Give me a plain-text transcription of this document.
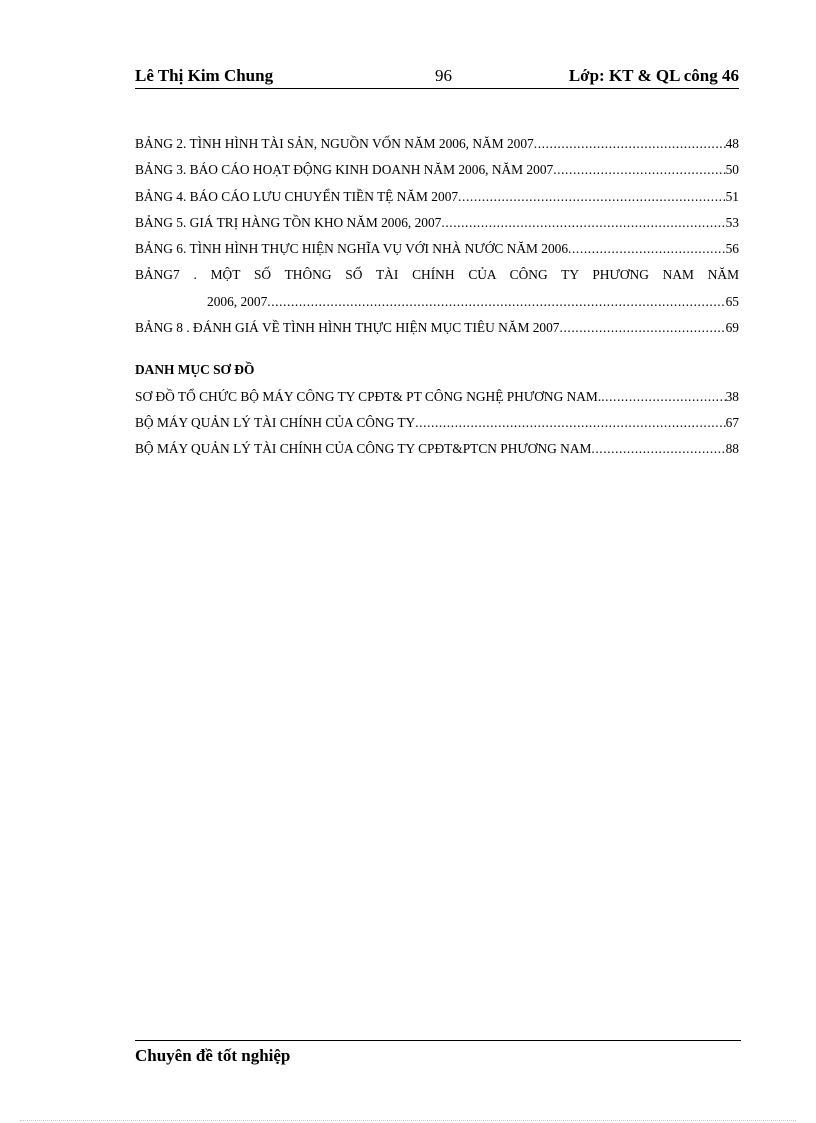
Lê Thị Kim Chung	96	Lớp: KT & QL công 46
BẢNG 2. TÌNH HÌNH TÀI SẢN, NGUỒN VỐN NĂM 2006, NĂM 2007 .....	48
BẢNG 3. BÁO CÁO HOẠT ĐỘNG KINH DOANH NĂM 2006, NĂM 2007 .....	50
BẢNG 4. BÁO CÁO LƯU CHUYỂN TIỀN TỆ NĂM 2007 .....	51
BẢNG 5. GIÁ TRỊ HÀNG TỒN KHO NĂM 2006, 2007 .....	53
BẢNG 6. TÌNH HÌNH THỰC HIỆN NGHĨA VỤ VỚI NHÀ NƯỚC NĂM 2006 .....	56
BẢNG7 . MỘT SỐ THÔNG SỐ TÀI CHÍNH CỦA CÔNG TY PHƯƠNG NAM NĂM
2006, 2007 .....	65
BẢNG 8 . ĐÁNH GIÁ VỀ TÌNH HÌNH THỰC HIỆN MỤC TIÊU NĂM 2007 .....	69
DANH MỤC SƠ ĐỒ
SƠ ĐỒ TỔ CHỨC BỘ MÁY CÔNG TY CPĐT& PT CÔNG NGHỆ PHƯƠNG NAM. .....	38
BỘ MÁY QUẢN LÝ TÀI CHÍNH CỦA CÔNG TY .....	67
BỘ MÁY QUẢN LÝ TÀI CHÍNH CỦA CÔNG TY CPĐT&PTCN PHƯƠNG NAM .....	88
Chuyên đề tốt nghiệp
